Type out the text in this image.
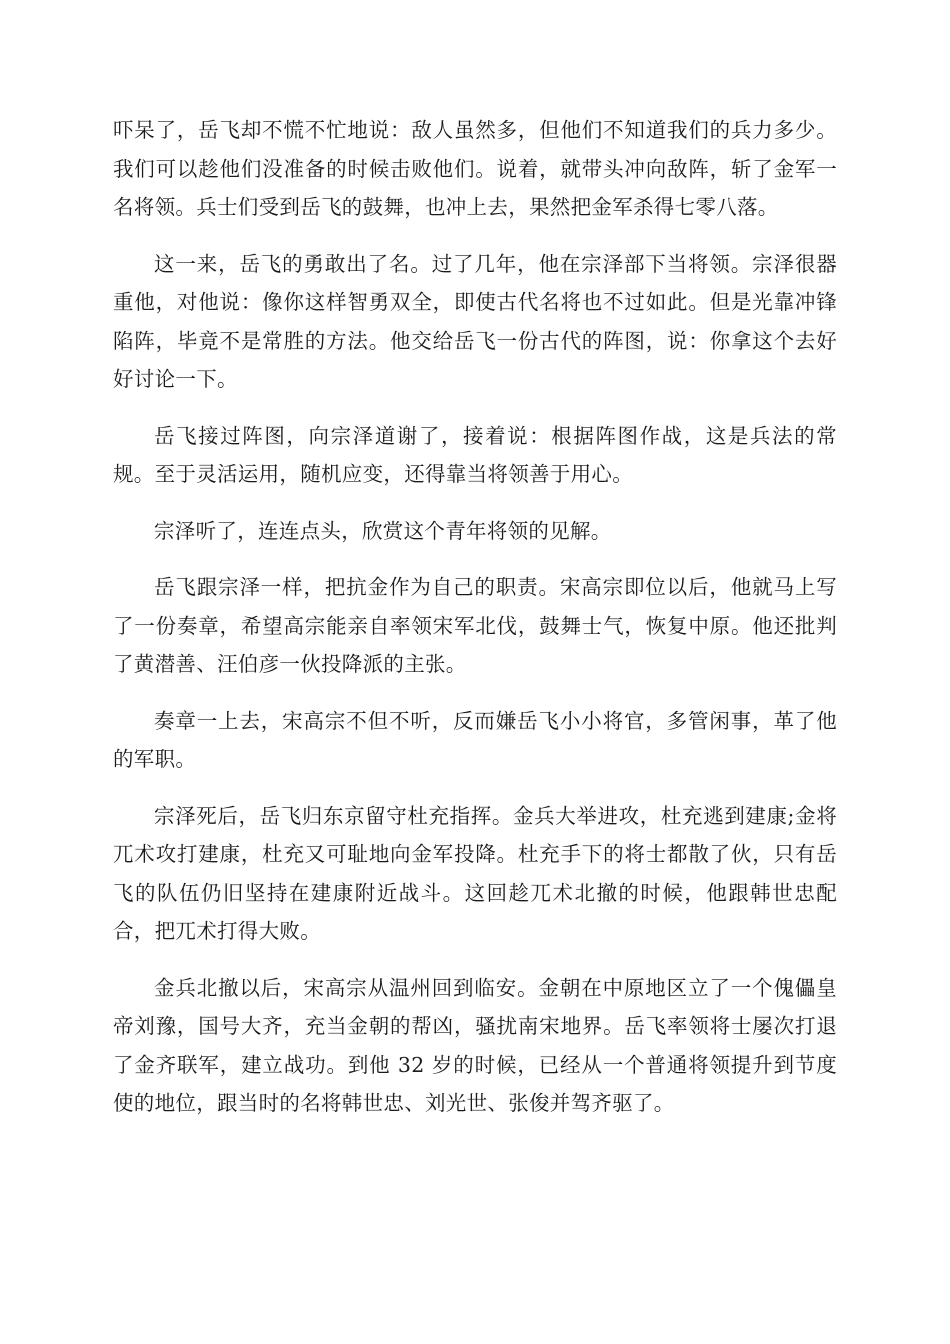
吓呆了，岳飞却不慌不忙地说：敌人虽然多，但他们不知道我们的兵力多少。我们可以趁他们没准备的时候击败他们。说着，就带头冲向敌阵，斩了金军一名将领。兵士们受到岳飞的鼓舞，也冲上去，果然把金军杀得七零八落。

这一来，岳飞的勇敢出了名。过了几年，他在宗泽部下当将领。宗泽很器重他，对他说：像你这样智勇双全，即使古代名将也不过如此。但是光靠冲锋陷阵，毕竟不是常胜的方法。他交给岳飞一份古代的阵图，说：你拿这个去好好讨论一下。

岳飞接过阵图，向宗泽道谢了，接着说：根据阵图作战，这是兵法的常规。至于灵活运用，随机应变，还得靠当将领善于用心。

宗泽听了，连连点头，欣赏这个青年将领的见解。

岳飞跟宗泽一样，把抗金作为自己的职责。宋高宗即位以后，他就马上写了一份奏章，希望高宗能亲自率领宋军北伐，鼓舞士气，恢复中原。他还批判了黄潜善、汪伯彦一伙投降派的主张。

奏章一上去，宋高宗不但不听，反而嫌岳飞小小将官，多管闲事，革了他的军职。

宗泽死后，岳飞归东京留守杜充指挥。金兵大举进攻，杜充逃到建康;金将兀术攻打建康，杜充又可耻地向金军投降。杜充手下的将士都散了伙，只有岳飞的队伍仍旧坚持在建康附近战斗。这回趁兀术北撤的时候，他跟韩世忠配合，把兀术打得大败。

金兵北撤以后，宋高宗从温州回到临安。金朝在中原地区立了一个傀儡皇帝刘豫，国号大齐，充当金朝的帮凶，骚扰南宋地界。岳飞率领将士屡次打退了金齐联军，建立战功。到他 32 岁的时候，已经从一个普通将领提升到节度使的地位，跟当时的名将韩世忠、刘光世、张俊并驾齐驱了。
